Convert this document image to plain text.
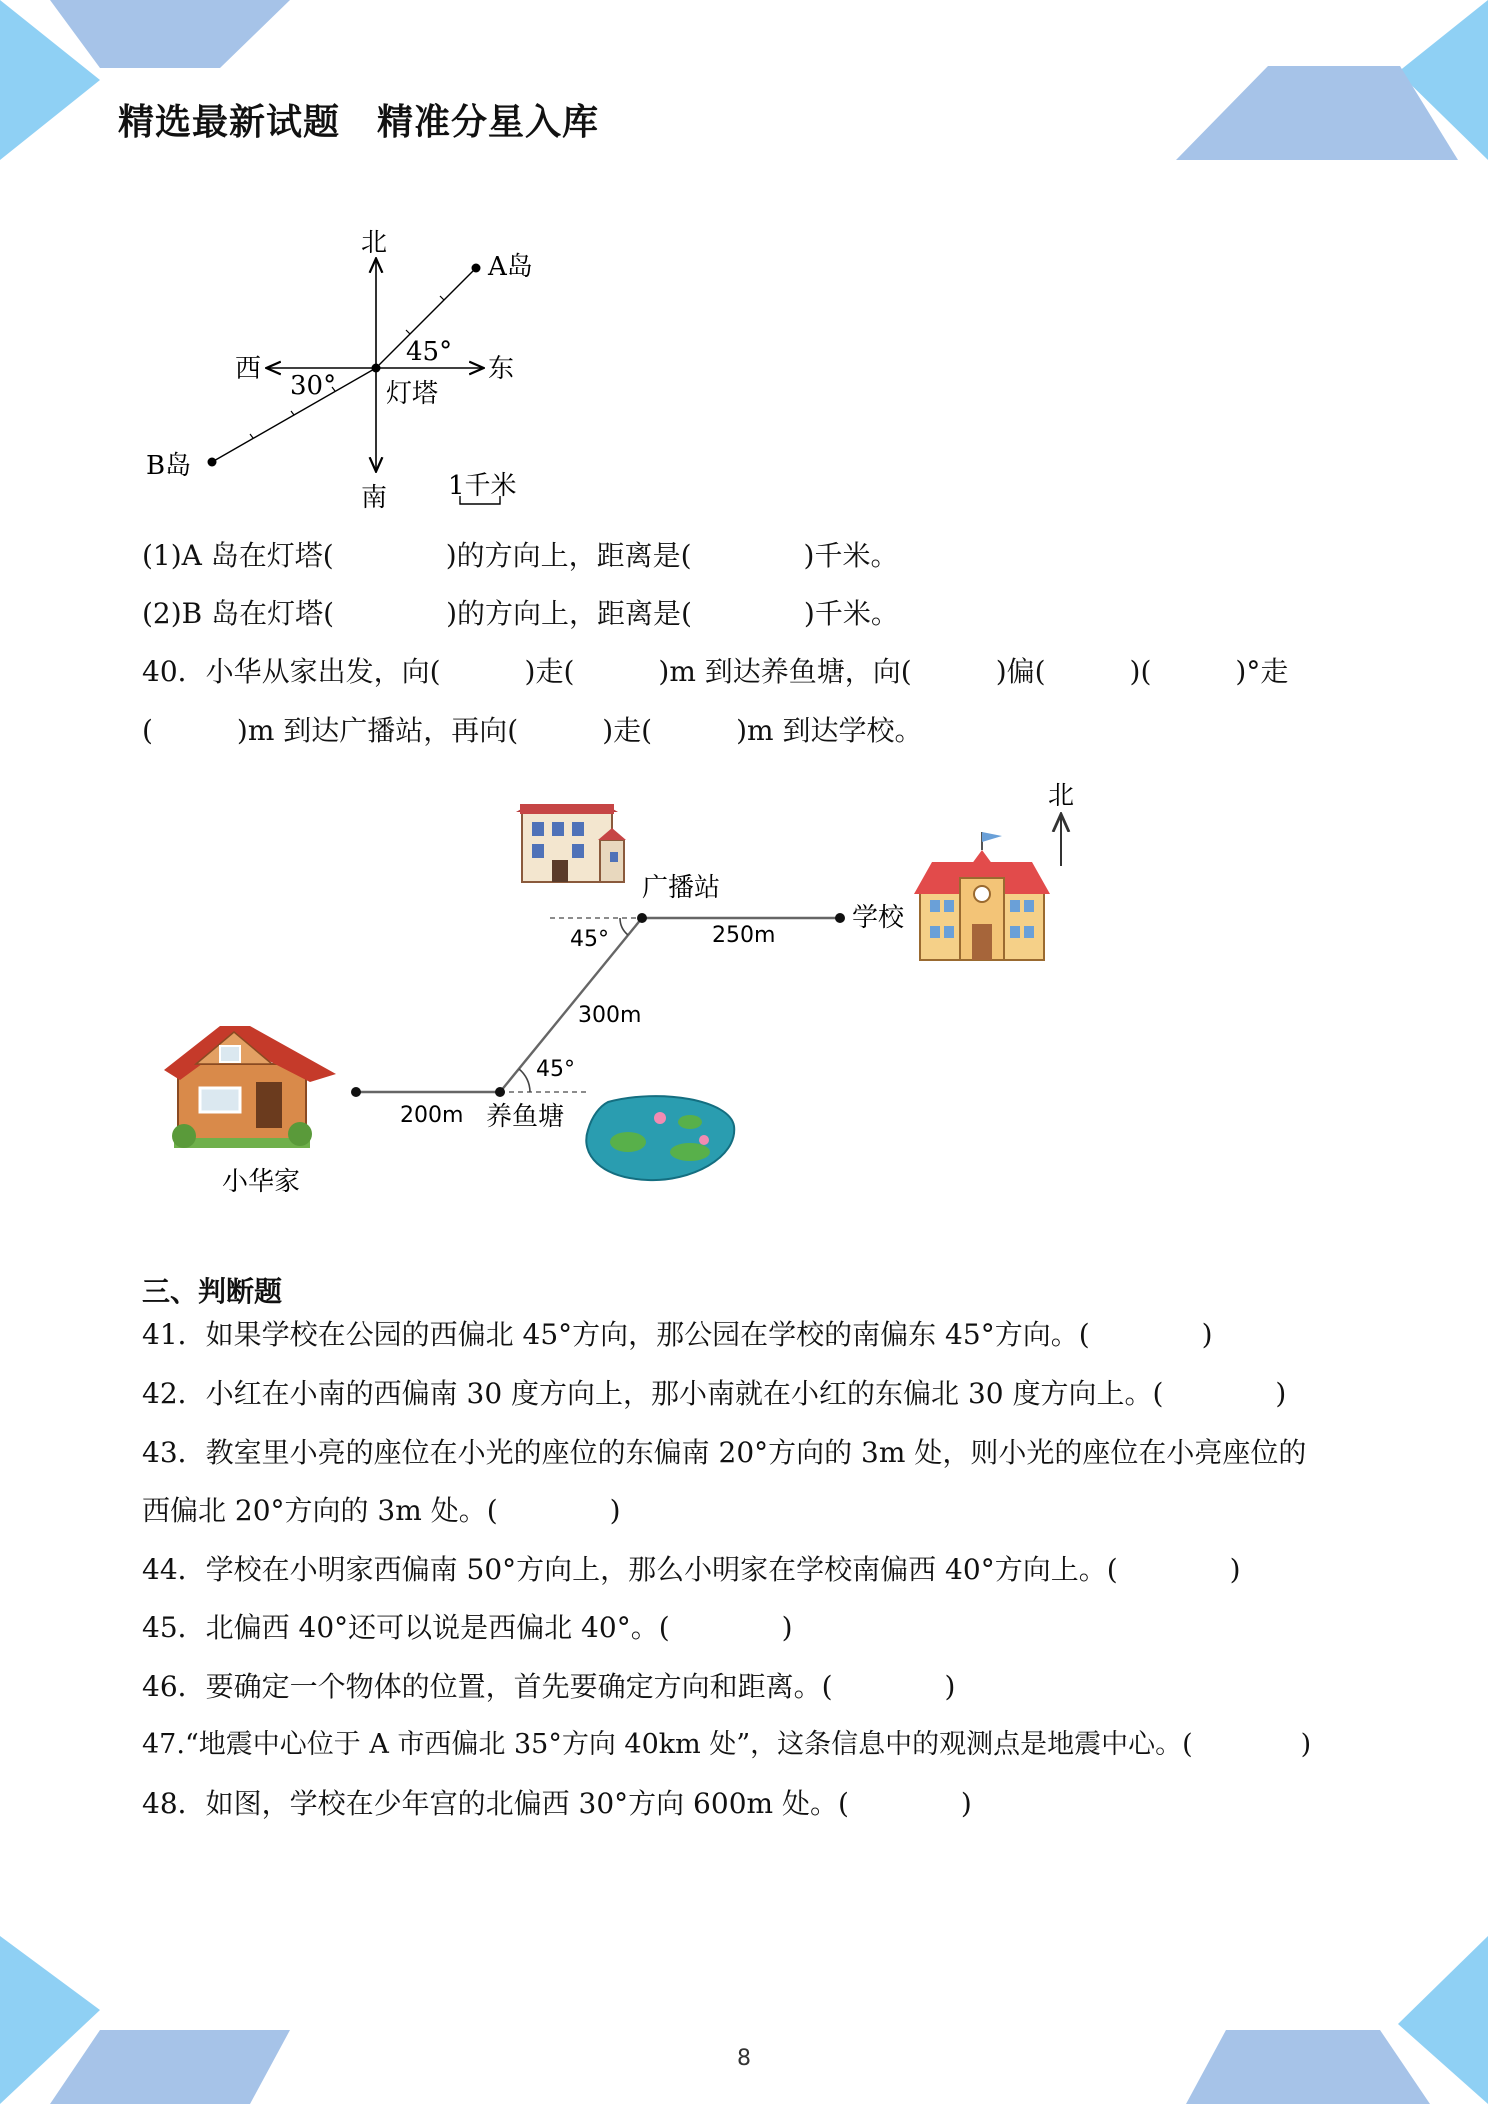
精选最新试题　精准分星入库
北
南
东
西
A岛
B岛
灯塔
45°
30°
1千米
(1)A 岛在灯塔(　　　　)的方向上，距离是(　　　　)千米。
(2)B 岛在灯塔(　　　　)的方向上，距离是(　　　　)千米。
40．小华从家出发，向(　　　)走(　　　)m 到达养鱼塘，向(　　　)偏(　　　)(　　　)°走
(　　　)m 到达广播站，再向(　　　)走(　　　)m 到达学校。
北
200m
300m
250m
45°
45°
养鱼塘
广播站
学校
小华家
三、判断题
41．如果学校在公园的西偏北 45°方向，那公园在学校的南偏东 45°方向。(　　　　)
42．小红在小南的西偏南 30 度方向上，那小南就在小红的东偏北 30 度方向上。(　　　　)
43．教室里小亮的座位在小光的座位的东偏南 20°方向的 3m 处，则小光的座位在小亮座位的
西偏北 20°方向的 3m 处。(　　　　)
44．学校在小明家西偏南 50°方向上，那么小明家在学校南偏西 40°方向上。(　　　　)
45．北偏西 40°还可以说是西偏北 40°。(　　　　)
46．要确定一个物体的位置，首先要确定方向和距离。(　　　　)
47.“地震中心位于 A 市西偏北 35°方向 40km 处”，这条信息中的观测点是地震中心。(　　　　)
48．如图，学校在少年宫的北偏西 30°方向 600m 处。(　　　　)
8
